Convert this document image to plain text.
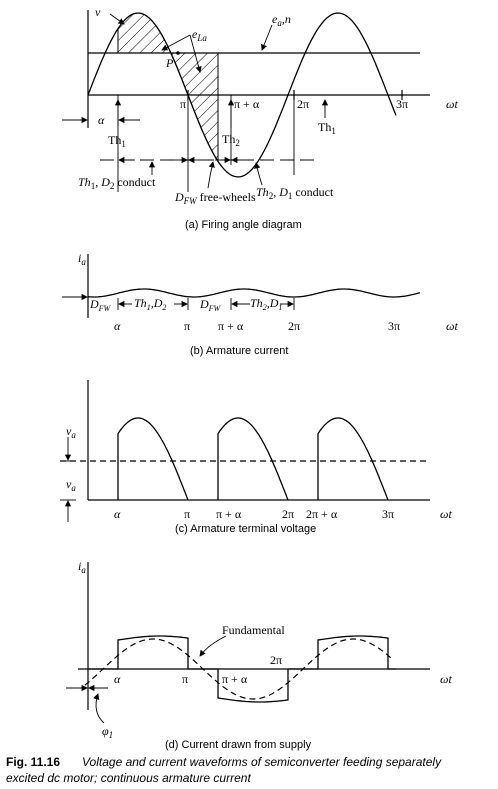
v
$e_{La}$
$e_a,n$
P
π	π + α	2π	3π	ωt
α
$Th_1$	$Th_2$
$Th_1$
$Th_1$, $D_2$ conduct
$D_{FW}$ free-wheels $Th_2$, $D_1$ conduct
(a) Firing angle diagram
$i_a$
$D_{FW}$ $Th_1,D_2$	$D_{FW}$ $Th_2,D_1$
α	π π + α	2π	3π	ωt
(b) Armature current
$v_a$
$v_a$
α	π π + α	2π 2π + α	3π	ωt
(c) Armature terminal voltage
$i_a$
Fundamental
α	π	π + α
2π
ωt
$\varphi_1$
(d) Current drawn from supply
Fig. 11.16 Voltage and current waveforms of semiconverter feeding separately
excited dc motor; continuous armature current
